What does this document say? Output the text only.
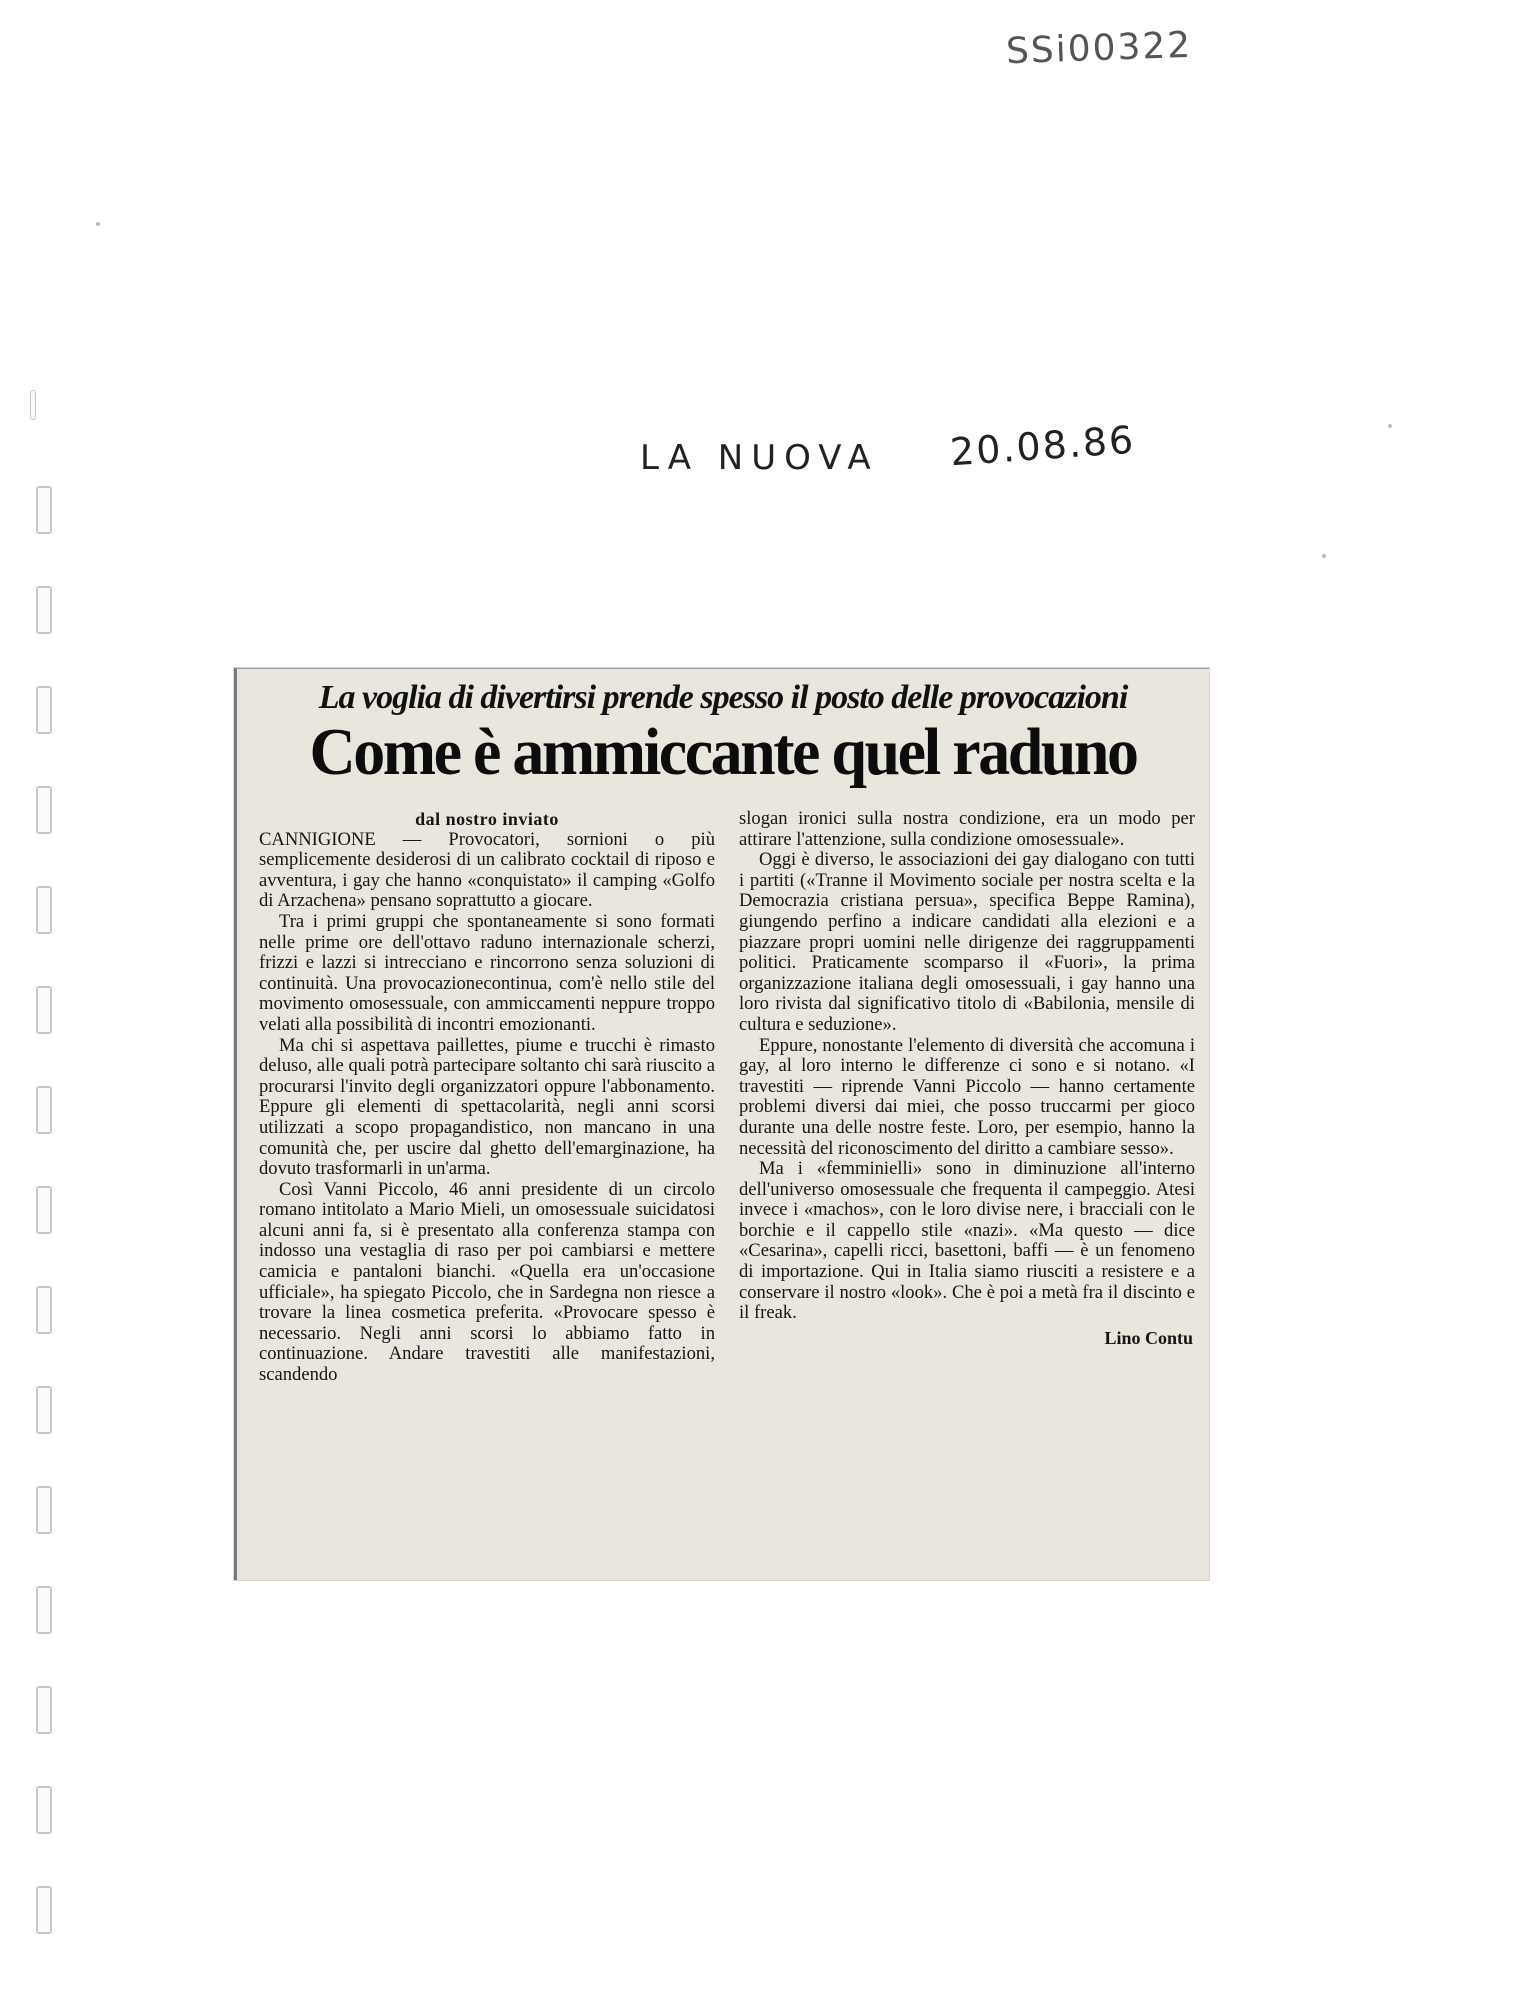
SSi00322
LA NUOVA 20.08.86
La voglia di divertirsi prende spesso il posto delle provocazioni
Come è ammiccante quel raduno
dal nostro inviato

CANNIGIONE — Provocatori, sornioni o più semplicemente desiderosi di un calibrato cocktail di riposo e avventura, i gay che hanno «conquistato» il camping «Golfo di Arzachena» pensano soprattutto a giocare.

Tra i primi gruppi che spontaneamente si sono formati nelle prime ore dell'ottavo raduno internazionale scherzi, frizzi e lazzi si intrecciano e rincorrono senza soluzioni di continuità. Una provocazionecontinua, com'è nello stile del movimento omosessuale, con ammiccamenti neppure troppo velati alla possibilità di incontri emozionanti.

Ma chi si aspettava paillettes, piume e trucchi è rimasto deluso, alle quali potrà partecipare soltanto chi sarà riuscito a procurarsi l'invito degli organizzatori oppure l'abbonamento. Eppure gli elementi di spettacolarità, negli anni scorsi utilizzati a scopo propagandistico, non mancano in una comunità che, per uscire dal ghetto dell'emarginazione, ha dovuto trasformarli in un'arma.

Così Vanni Piccolo, 46 anni presidente di un circolo romano intitolato a Mario Mieli, un omosessuale suicidatosi alcuni anni fa, si è presentato alla conferenza stampa con indosso una vestaglia di raso per poi cambiarsi e mettere camicia e pantaloni bianchi. «Quella era un'occasione ufficiale», ha spiegato Piccolo, che in Sardegna non riesce a trovare la linea cosmetica preferita. «Provocare spesso è necessario. Negli anni scorsi lo abbiamo fatto in continuazione. Andare travestiti alle manifestazioni, scandendo

slogan ironici sulla nostra condizione, era un modo per attirare l'attenzione, sulla condizione omosessuale».

Oggi è diverso, le associazioni dei gay dialogano con tutti i partiti («Tranne il Movimento sociale per nostra scelta e la Democrazia cristiana persua», specifica Beppe Ramina), giungendo perfino a indicare candidati alla elezioni e a piazzare propri uomini nelle dirigenze dei raggruppamenti politici. Praticamente scomparso il «Fuori», la prima organizzazione italiana degli omosessuali, i gay hanno una loro rivista dal significativo titolo di «Babilonia, mensile di cultura e seduzione».

Eppure, nonostante l'elemento di diversità che accomuna i gay, al loro interno le differenze ci sono e si notano. «I travestiti — riprende Vanni Piccolo — hanno certamente problemi diversi dai miei, che posso truccarmi per gioco durante una delle nostre feste. Loro, per esempio, hanno la necessità del riconoscimento del diritto a cambiare sesso».

Ma i «femminielli» sono in diminuzione all'interno dell'universo omosessuale che frequenta il campeggio. Atesi invece i «machos», con le loro divise nere, i bracciali con le borchie e il cappello stile «nazi». «Ma questo — dice «Cesarina», capelli ricci, basettoni, baffi — è un fenomeno di importazione. Qui in Italia siamo riusciti a resistere e a conservare il nostro «look». Che è poi a metà fra il discinto e il freak.

Lino Contu
